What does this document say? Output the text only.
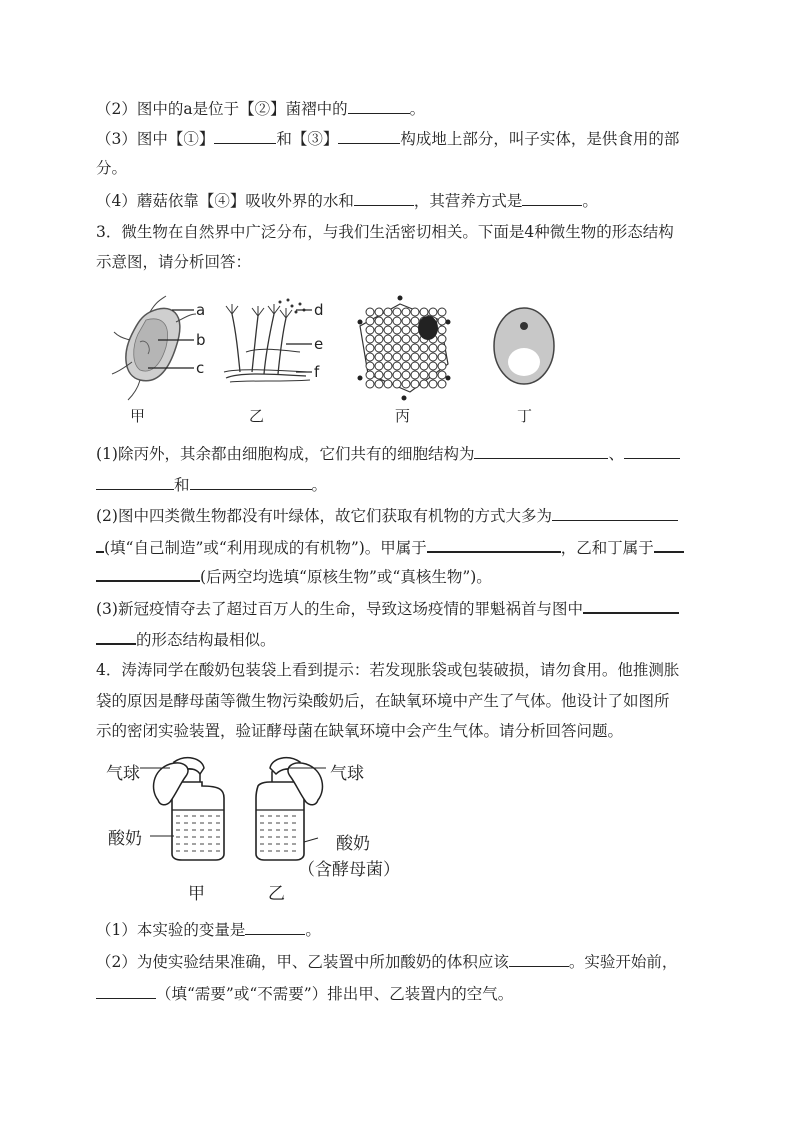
（2）图中的a是位于【②】菌褶中的	。
（3）图中【①】	和【③】	构成地上部分，叫子实体，是供食用的部
分。
（4）蘑菇依靠【④】吸收外界的水和	，其营养方式是	。
3．微生物在自然界中广泛分布，与我们生活密切相关。下面是4种微生物的形态结构
示意图，请分析回答：
a
b
c
d
e
f
甲	乙	丙	丁
(1)除丙外，其余都由细胞构成，它们共有的细胞结构为	、
和	。
(2)图中四类微生物都没有叶绿体，故它们获取有机物的方式大多为
(填“自己制造”或“利用现成的有机物”)。甲属于	，乙和丁属于
(后两空均选填“原核生物”或“真核生物”)。
(3)新冠疫情夺去了超过百万人的生命，导致这场疫情的罪魁祸首与图中
的形态结构最相似。
4．涛涛同学在酸奶包装袋上看到提示：若发现胀袋或包装破损，请勿食用。他推测胀
袋的原因是酵母菌等微生物污染酸奶后，在缺氧环境中产生了气体。他设计了如图所
示的密闭实验装置，验证酵母菌在缺氧环境中会产生气体。请分析回答问题。
气球	气球
酸奶	酸奶
（含酵母菌）
甲	乙
（1）本实验的变量是	。
（2）为使实验结果准确，甲、乙装置中所加酸奶的体积应该	。实验开始前，
（填“需要”或“不需要”）排出甲、乙装置内的空气。
